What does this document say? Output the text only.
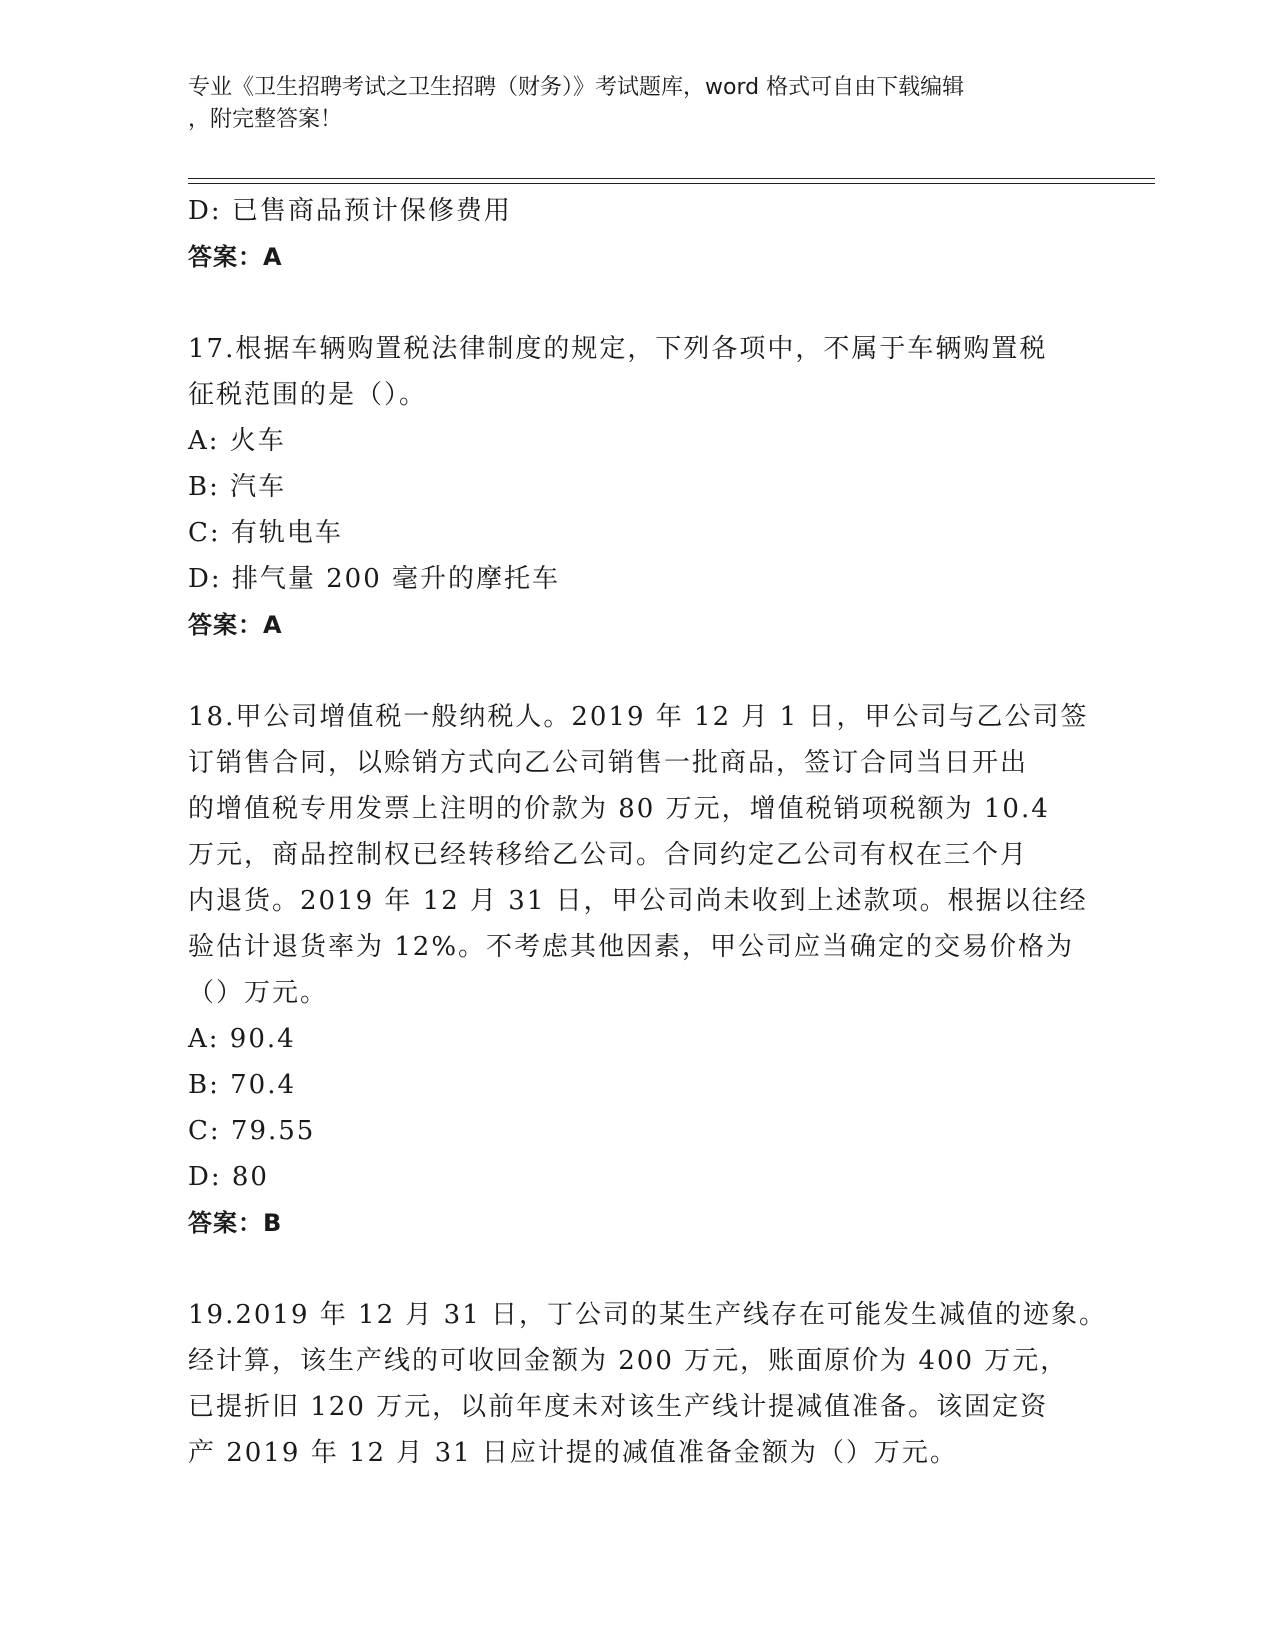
专业《卫生招聘考试之卫生招聘（财务）》考试题库，word 格式可自由下载编辑

，附完整答案！

D: 已售商品预计保修费用
答案：A
17.根据车辆购置税法律制度的规定，下列各项中，不属于车辆购置税
征税范围的是（）。
A: 火车
B: 汽车
C: 有轨电车
D: 排气量 200 毫升的摩托车
答案：A
18.甲公司增值税一般纳税人。2019 年 12 月 1 日，甲公司与乙公司签
订销售合同，以赊销方式向乙公司销售一批商品，签订合同当日开出
的增值税专用发票上注明的价款为 80 万元，增值税销项税额为 10.4
万元，商品控制权已经转移给乙公司。合同约定乙公司有权在三个月
内退货。2019 年 12 月 31 日，甲公司尚未收到上述款项。根据以往经
验估计退货率为 12%。不考虑其他因素，甲公司应当确定的交易价格为
（）万元。
A: 90.4
B: 70.4
C: 79.55
D: 80
答案：B
19.2019 年 12 月 31 日，丁公司的某生产线存在可能发生减值的迹象。
经计算，该生产线的可收回金额为 200 万元，账面原价为 400 万元，
已提折旧 120 万元，以前年度未对该生产线计提减值准备。该固定资
产 2019 年 12 月 31 日应计提的减值准备金额为（）万元。
